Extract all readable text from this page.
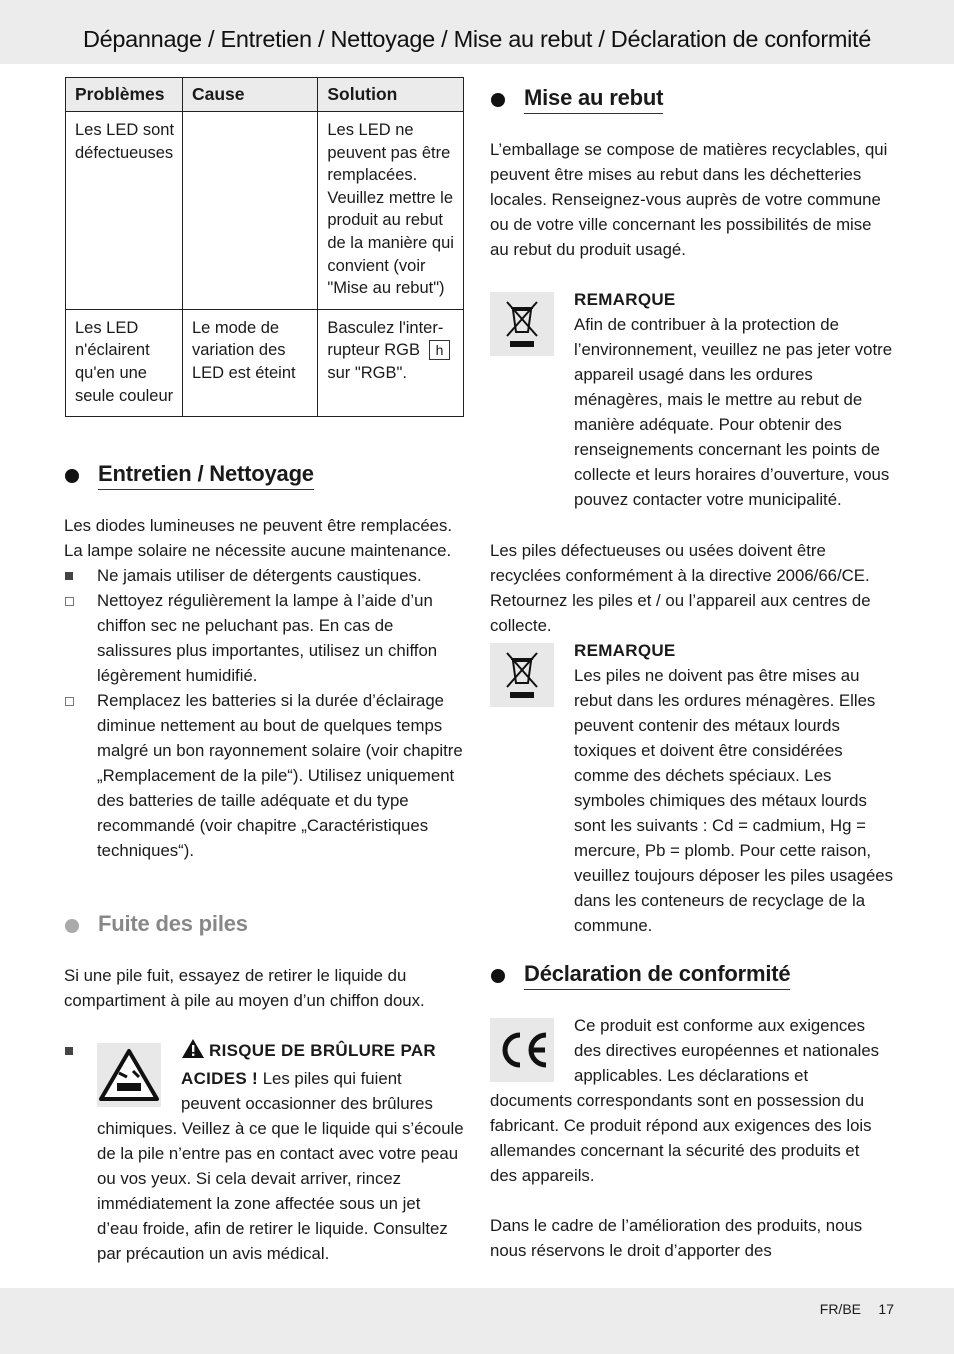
Dépannage / Entretien / Nettoyage / Mise au rebut / Déclaration de conformité
Problèmes	Cause	Solution
Les LED sont défectueuses		Les LED ne peuvent pas être remplacées. Veuillez mettre le produit au rebut de la manière qui convient (voir "Mise au rebut")
Les LED n'éclairent qu'en une seule couleur	Le mode de variation des LED est éteint	Basculez l'inter-rupteur RGB h sur "RGB".
Entretien / Nettoyage

Les diodes lumineuses ne peuvent être remplacées. La lampe solaire ne nécessite aucune maintenance.

Ne jamais utiliser de détergents caustiques.
Nettoyez régulièrement la lampe à l’aide d’un chiffon sec ne peluchant pas. En cas de salissures plus importantes, utilisez un chiffon légèrement humidifié.
Remplacez les batteries si la durée d’éclairage diminue nettement au bout de quelques temps malgré un bon rayonnement solaire (voir chapitre „Remplacement de la pile“). Utilisez uniquement des batteries de taille adéquate et du type recommandé (voir chapitre „Caractéristiques techniques“).
Fuite des piles
Si une pile fuit, essayez de retirer le liquide du compartiment à pile au moyen d’un chiffon doux.
RISQUE DE BRÛLURE PAR ACIDES ! Les piles qui fuient peuvent occasionner des brûlures chimiques. Veillez à ce que le liquide qui s’écoule de la pile n’entre pas en contact avec votre peau ou vos yeux. Si cela devait arriver, rincez immédiatement la zone affectée sous un jet d’eau froide, afin de retirer le liquide. Consultez par précaution un avis médical.
Mise au rebut
L’emballage se compose de matières recyclables, qui peuvent être mises au rebut dans les déchetteries locales. Renseignez-vous auprès de votre commune ou de votre ville concernant les possibilités de mise au rebut du produit usagé.

REMARQUE

Afin de contribuer à la protection de l’environnement, veuillez ne pas jeter votre appareil usagé dans les ordures ménagères, mais le mettre au rebut de manière adéquate. Pour obtenir des renseignements concernant les points de collecte et leurs horaires d’ouverture, vous pouvez contacter votre municipalité.

Les piles défectueuses ou usées doivent être recyclées conformément à la directive 2006/66/CE. Retournez les piles et / ou l’appareil aux centres de collecte.

REMARQUE

Les piles ne doivent pas être mises au rebut dans les ordures ménagères. Elles peuvent contenir des métaux lourds toxiques et doivent être considérées comme des déchets spéciaux. Les symboles chimiques des métaux lourds sont les suivants : Cd = cadmium, Hg = mercure, Pb = plomb. Pour cette raison, veuillez toujours déposer les piles usagées dans les conteneurs de recyclage de la commune.

Déclaration de conformité

Ce produit est conforme aux exigences des directives européennes et nationales applicables. Les déclarations et documents correspondants sont en possession du fabricant. Ce produit répond aux exigences des lois allemandes concernant la sécurité des produits et des appareils.

Dans le cadre de l’amélioration des produits, nous nous réservons le droit d’apporter des

FR/BE 17
